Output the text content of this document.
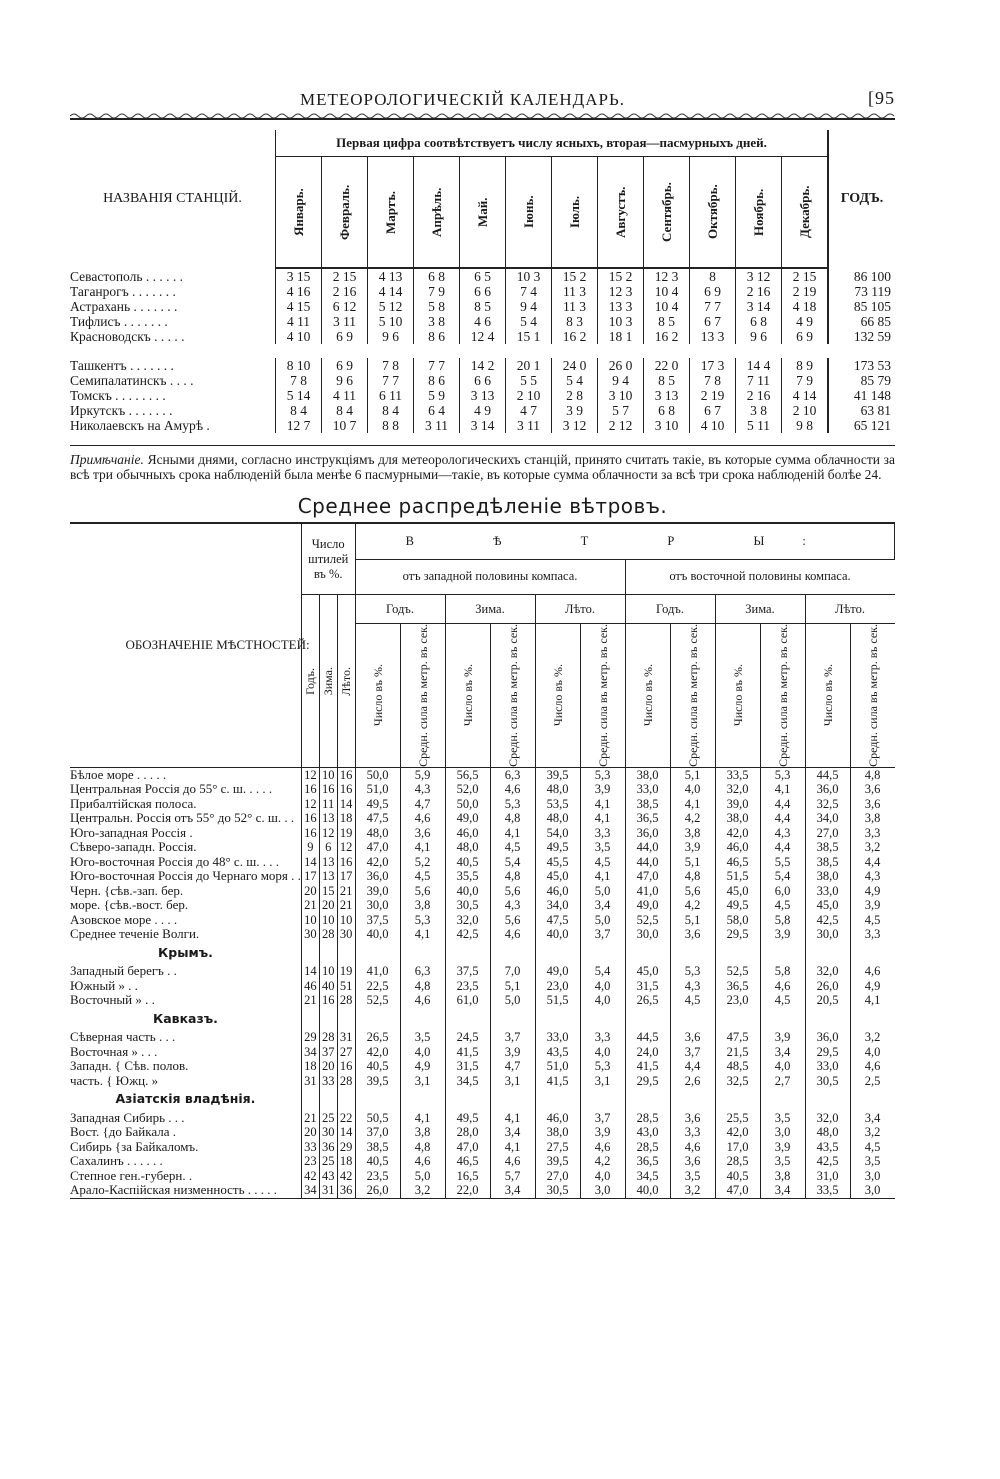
МЕТЕОРОЛОГИЧЕСКІЙ КАЛЕНДАРЬ.	[95
НАЗВАНІЯ СТАНЦІЙ.	Первая цифра соотвѣтствуетъ числу ясныхъ, вторая—пасмурныхъ дней.												ГОДЪ.

	Январь.	Февраль.	Мартъ.	Апрѣль.	Май.	Іюнь.	Іюль.	Августъ.	Сентябрь.	Октябрь.	Ноябрь.	Декабрь.	

Севастополь . . . . . .	3 15	2 15	4 13	6 8	6 5	10 3	15 2	15 2	12 3	8	3 12	2 15	86 100
Таганрогъ . . . . . . .	4 16	2 16	4 14	7 9	6 6	7 4	11 3	12 3	10 4	6 9	2 16	2 19	73 119
Астрахань . . . . . . .	4 15	6 12	5 12	5 8	8 5	9 4	11 3	13 3	10 4	7 7	3 14	4 18	85 105
Тифлисъ . . . . . . .	4 11	3 11	5 10	3 8	4 6	5 4	8 3	10 3	8 5	6 7	6 8	4 9	66 85
Красноводскъ . . . . .	4 10	6 9	9 6	8 6	12 4	15 1	16 2	18 1	16 2	13 3	9 6	6 9	132 59

Ташкентъ . . . . . . .	8 10	6 9	7 8	7 7	14 2	20 1	24 0	26 0	22 0	17 3	14 4	8 9	173 53
Семипалатинскъ . . . .	7 8	9 6	7 7	8 6	6 6	5 5	5 4	9 4	8 5	7 8	7 11	7 9	85 79
Томскъ . . . . . . . .	5 14	4 11	6 11	5 9	3 13	2 10	2 8	3 10	3 13	2 19	2 16	4 14	41 148
Иркутскъ . . . . . . .	8 4	8 4	8 4	6 4	4 9	4 7	3 9	5 7	6 8	6 7	3 8	2 10	63 81
Николаевскъ на Амурѣ .	12 7	10 7	8 8	3 11	3 14	3 11	3 12	2 12	3 10	4 10	5 11	9 8	65 121
Примѣчаніе. Ясными днями, согласно инструкціямъ для метеорологическихъ станцій, принято считать такіе, въ которые сумма облачности за всѣ три обычныхъ срока наблюденій была менѣе 6 пасмурными—такіе, въ которые сумма облачности за всѣ три срока наблюденій болѣе 24.
Среднее распредѣленіе вѣтровъ.
ОБОЗНАЧЕНІЕ МѢСТНОСТЕЙ:	Число штилей въ %.			В Ѣ Т Р Ы:											
				отъ западной половины компаса.						отъ восточной половины компаса.					

	Годъ.	Зима.	Лѣто.	Годъ.		Зима.		Лѣто.		Годъ.		Зима.		Лѣто.	

				Число въ %.	Средн. сила въ метр. въ сек.	Число въ %.	Средн. сила въ метр. въ сек.	Число въ %.	Средн. сила въ метр. въ сек.	Число въ %.	Средн. сила въ метр. въ сек.	Число въ %.	Средн. сила въ метр. въ сек.	Число въ %.	Средн. сила въ метр. въ сек.

Бѣлое море . . . . .	12	10	16	50,0	5,9	56,5	6,3	39,5	5,3	38,0	5,1	33,5	5,3	44,5	4,8
Центральная Россія до 55° с. ш. . . . .	16	16	16	51,0	4,3	52,0	4,6	48,0	3,9	33,0	4,0	32,0	4,1	36,0	3,6
Прибалтійская полоса.	12	11	14	49,5	4,7	50,0	5,3	53,5	4,1	38,5	4,1	39,0	4,4	32,5	3,6
Центральн. Россія отъ 55° до 52° с. ш. . .	16	13	18	47,5	4,6	49,0	4,8	48,0	4,1	36,5	4,2	38,0	4,4	34,0	3,8
Юго-западная Россія .	16	12	19	48,0	3,6	46,0	4,1	54,0	3,3	36,0	3,8	42,0	4,3	27,0	3,3
Сѣверо-западн. Россія.	9	6	12	47,0	4,1	48,0	4,5	49,5	3,5	44,0	3,9	46,0	4,4	38,5	3,2
Юго-восточная Россія до 48° с. ш. . . .	14	13	16	42,0	5,2	40,5	5,4	45,5	4,5	44,0	5,1	46,5	5,5	38,5	4,4
Юго-восточная Россія до Чернаго моря . .	17	13	17	36,0	4,5	35,5	4,8	45,0	4,1	47,0	4,8	51,5	5,4	38,0	4,3
Черн. {сѣв.-зап. бер.	20	15	21	39,0	5,6	40,0	5,6	46,0	5,0	41,0	5,6	45,0	6,0	33,0	4,9
море. {сѣв.-вост. бер.	21	20	21	30,0	3,8	30,5	4,3	34,0	3,4	49,0	4,2	49,5	4,5	45,0	3,9
Азовское море . . . .	10	10	10	37,5	5,3	32,0	5,6	47,5	5,0	52,5	5,1	58,0	5,8	42,5	4,5
Среднее теченіе Волги.	30	28	30	40,0	4,1	42,5	4,6	40,0	3,7	30,0	3,6	29,5	3,9	30,0	3,3
Крымъ.															
Западный берегъ . .	14	10	19	41,0	6,3	37,5	7,0	49,0	5,4	45,0	5,3	52,5	5,8	32,0	4,6
Южный » . .	46	40	51	22,5	4,8	23,5	5,1	23,0	4,0	31,5	4,3	36,5	4,6	26,0	4,9
Восточный » . .	21	16	28	52,5	4,6	61,0	5,0	51,5	4,0	26,5	4,5	23,0	4,5	20,5	4,1
Кавказъ.															
Сѣверная часть . . .	29	28	31	26,5	3,5	24,5	3,7	33,0	3,3	44,5	3,6	47,5	3,9	36,0	3,2
Восточная » . . .	34	37	27	42,0	4,0	41,5	3,9	43,5	4,0	24,0	3,7	21,5	3,4	29,5	4,0
Западн. { Сѣв. полов.	18	20	16	40,5	4,9	31,5	4,7	51,0	5,3	41,5	4,4	48,5	4,0	33,0	4,6
часть. { Южц. »	31	33	28	39,5	3,1	34,5	3,1	41,5	3,1	29,5	2,6	32,5	2,7	30,5	2,5
Азіатскія владѣнія.															
Западная Сибирь . . .	21	25	22	50,5	4,1	49,5	4,1	46,0	3,7	28,5	3,6	25,5	3,5	32,0	3,4
Вост. {до Байкала .	20	30	14	37,0	3,8	28,0	3,4	38,0	3,9	43,0	3,3	42,0	3,0	48,0	3,2
Сибирь {за Байкаломъ.	33	36	29	38,5	4,8	47,0	4,1	27,5	4,6	28,5	4,6	17,0	3,9	43,5	4,5
Сахалинъ . . . . . .	23	25	18	40,5	4,6	46,5	4,6	39,5	4,2	36,5	3,6	28,5	3,5	42,5	3,5
Степное ген.-губерн. .	42	43	42	23,5	5,0	16,5	5,7	27,0	4,0	34,5	3,5	40,5	3,8	31,0	3,0
Арало-Каспійская низменность . . . . .	34	31	36	26,0	3,2	22,0	3,4	30,5	3,0	40,0	3,2	47,0	3,4	33,5	3,0
